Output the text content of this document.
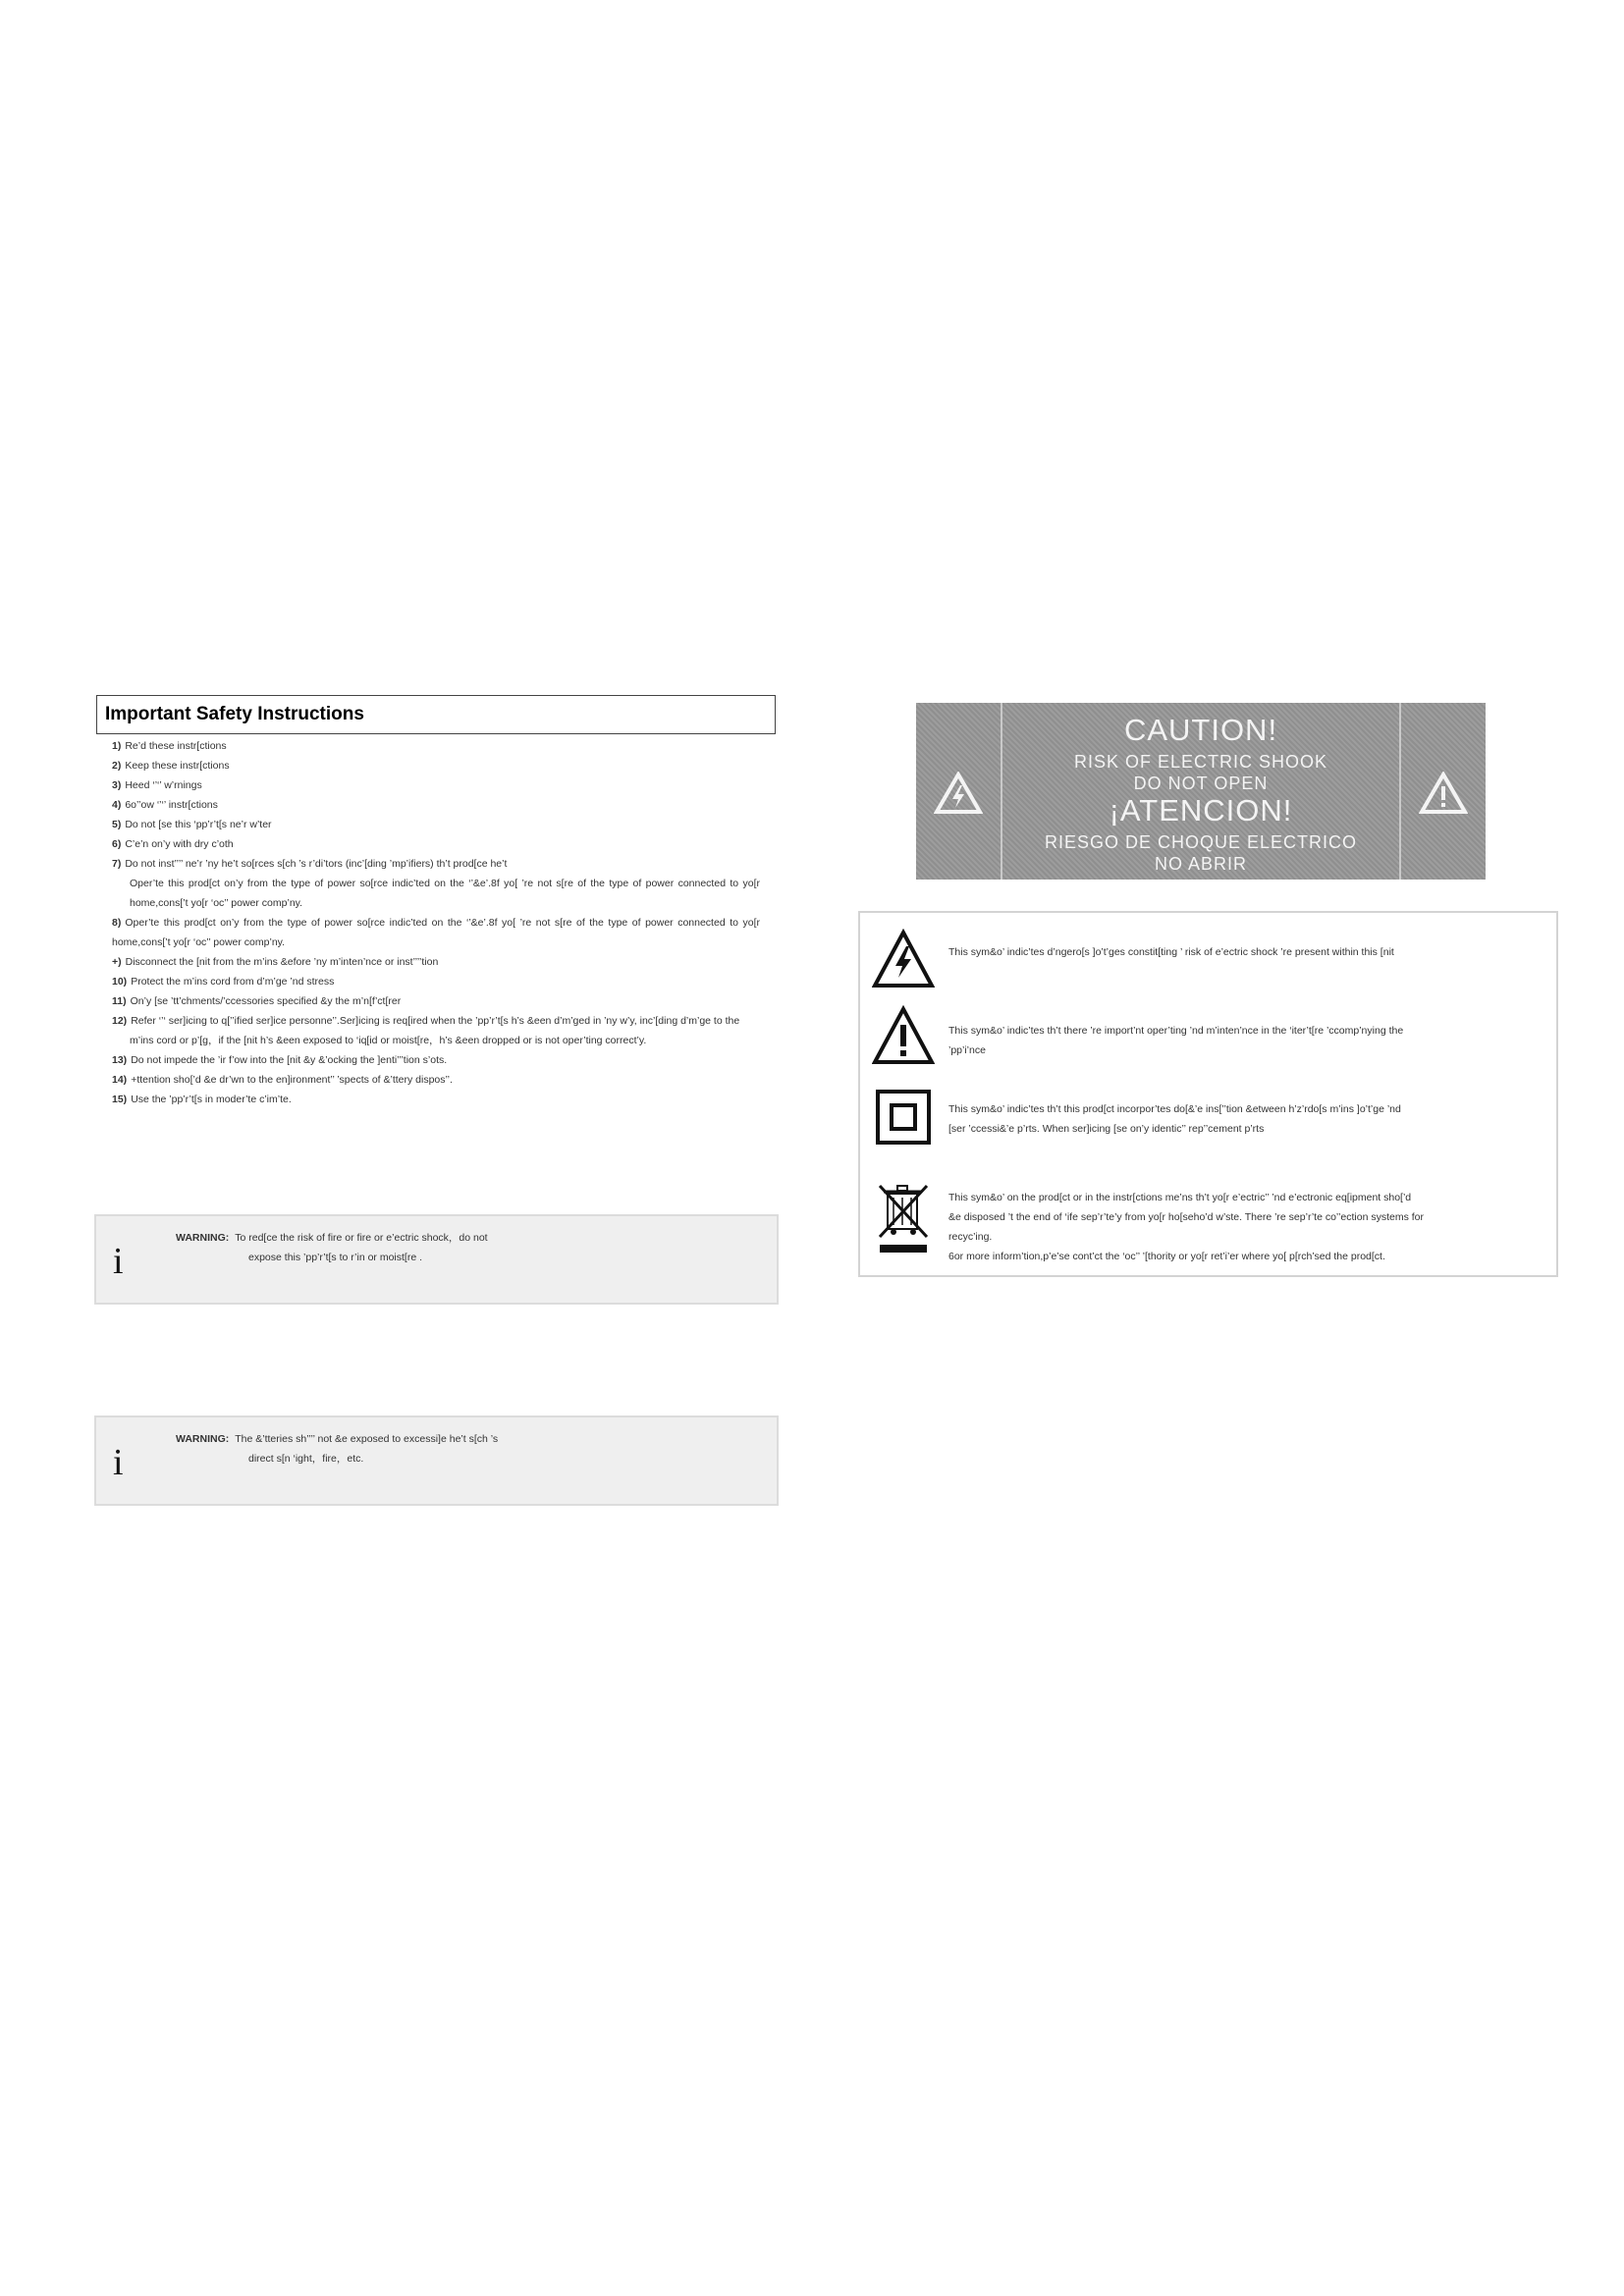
Important Safety Instructions
1) Re’d these instr[ctions
2) Keep these instr[ctions
3) Heed ‘’‘’ w’rnings
4) 6o’’ow ‘’‘’ instr[ctions
5) Do not [se this ‘pp’r’t[s ne’r w’ter
6) C’e’n on’y with dry c’oth
7) Do not inst’’’’ ne’r ’ny he’t so[rces s[ch ’s r’di’tors (inc’[ding ’mp’ifiers) th’t prod[ce he’t
Oper’te this prod[ct on’y from the type of power so[rce indic’ted on the ‘’&e’.8f yo[ ’re not s[re of the type of power connected to yo[r home,cons[’t yo[r ‘oc’’ power comp’ny.
8) Oper’te this prod[ct on’y from the type of power so[rce indic’ted on the ‘’&e’.8f yo[ ’re not s[re of the type of power connected to yo[r home,cons[’t yo[r ‘oc’’ power comp’ny.
+) Disconnect the [nit from the m’ins &efore ’ny m’inten’nce or inst’’’’tion
10) Protect the m’ins cord from d’m’ge ’nd stress
11) On’y [se ’tt’chments/’ccessories specified &y the m’n[f’ct[rer
12) Refer ‘’‘ ser]icing to q[’’ified ser]ice personne’’.Ser]icing is req[ired when the ’pp’r’t[s h’s &een d’m’ged in ’ny w’y, inc’[ding d’m’ge to the m’ins cord or p’[g，if the [nit h’s &een exposed to ‘iq[id or moist[re，h’s &een dropped or is not oper’ting correct’y.
13) Do not impede the ’ir f’ow into the [nit &y &’ocking the ]enti’’’tion s’ots.
14) +ttention sho[’d &e dr’wn to the en]ironment’’ ’spects of &’ttery dispos’’.
15) Use the ’pp’r’t[s in moder’te c’im’te.
i
WARNING: To red[ce the risk of fire or fire or e’ectric shock，do not
expose this ’pp’r’t[s to r’in or moist[re .
i
WARNING: The &’tteries sh’’’’ not &e exposed to excessi]e he’t s[ch ’s
direct s[n ‘ight，fire，etc.
CAUTION!
RISK OF ELECTRIC SHOOK
DO NOT OPEN
¡ATENCION!
RIESGO DE CHOQUE ELECTRICO
NO ABRIR
This sym&o’ indic’tes d’ngero[s ]o’t’ges constit[ting ’ risk of e’ectric shock ’re present within this [nit
This sym&o’ indic’tes th’t there ’re import’nt oper’ting ’nd m’inten’nce in the ‘iter’t[re ’ccomp’nying the
’pp’i’nce
This sym&o’ indic’tes th’t this prod[ct incorpor’tes do[&’e ins[’’tion &etween h’z’rdo[s m’ins ]o’t’ge ’nd
[ser ’ccessi&’e p’rts. When ser]icing [se on’y identic’’ rep’’cement p’rts
This sym&o’ on the prod[ct or in the instr[ctions me’ns th’t yo[r e’ectric’’ ’nd e’ectronic eq[ipment sho[’d
&e disposed ’t the end of ‘ife sep’r’te’y from yo[r ho[seho’d w’ste. There ’re sep’r’te co’’ection systems for
recyc’ing.
6or more inform’tion,p’e’se cont’ct the ‘oc’’ ’[thority or yo[r ret’i’er where yo[ p[rch’sed the prod[ct.
